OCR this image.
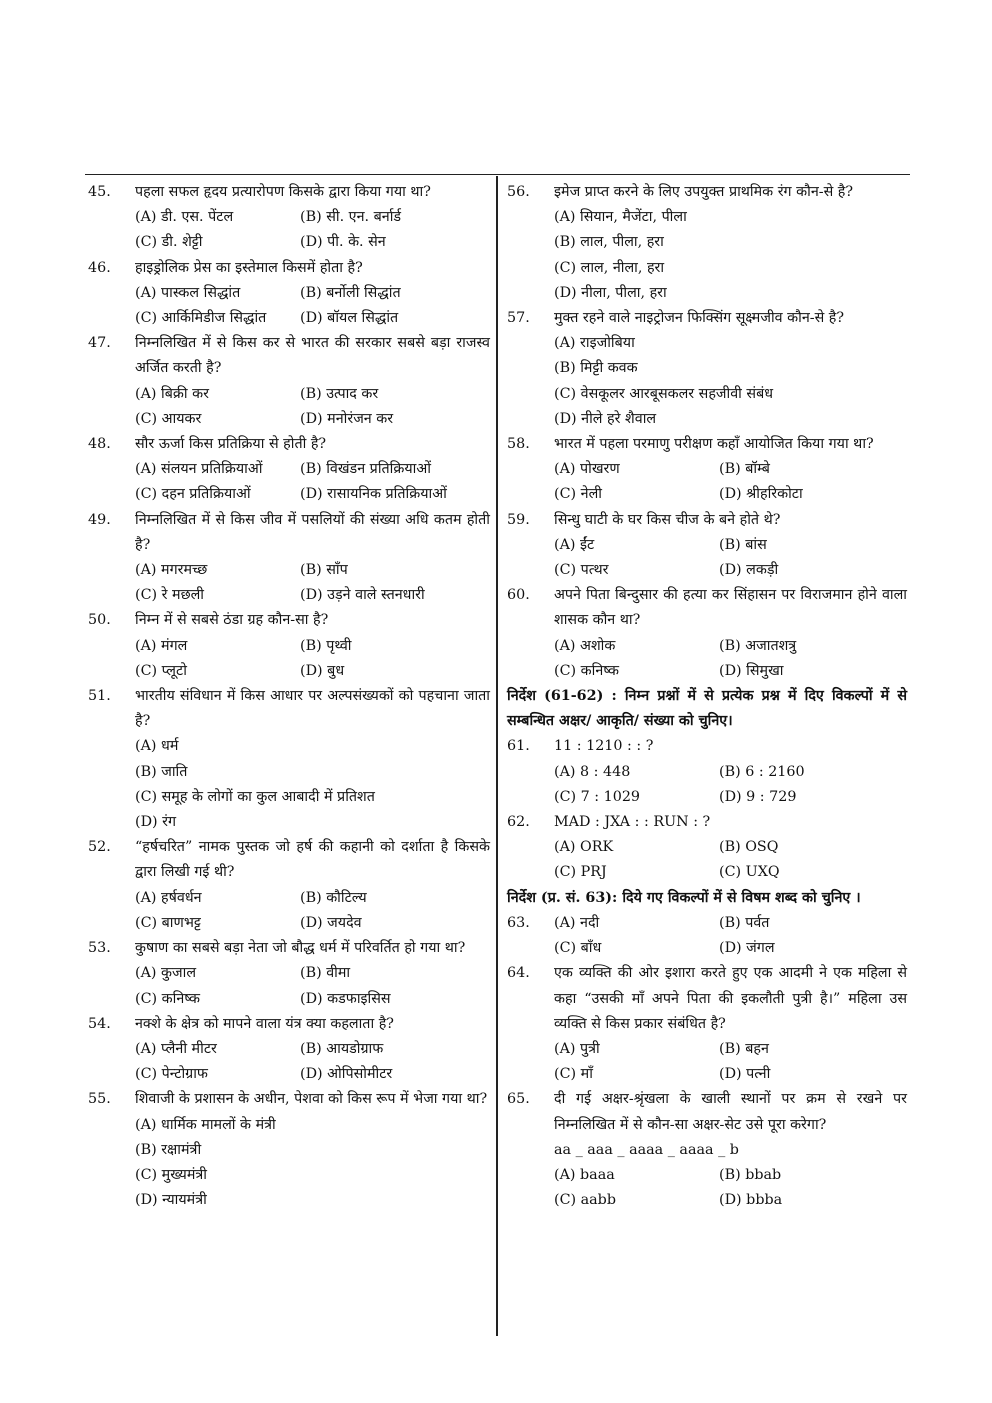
45. पहला सफल हृदय प्रत्यारोपण किसके द्वारा किया गया था?
(A) डी. एस. पेंटल	(B) सी. एन. बर्नार्ड
(C) डी. शेट्टी	(D) पी. के. सेन
46. हाइड्रोलिक प्रेस का इस्तेमाल किसमें होता है?
(A) पास्कल सिद्धांत	(B) बर्नोली सिद्धांत
(C) आर्किमिडीज सिद्धांत	(D) बॉयल सिद्धांत
47. निम्नलिखित में से किस कर से भारत की सरकार सबसे बड़ा राजस्व अर्जित करती है?
(A) बिक्री कर	(B) उत्पाद कर
(C) आयकर	(D) मनोरंजन कर
48. सौर ऊर्जा किस प्रतिक्रिया से होती है?
(A) संलयन प्रतिक्रियाओं	(B) विखंडन प्रतिक्रियाओं
(C) दहन प्रतिक्रियाओं	(D) रासायनिक प्रतिक्रियाओं
49. निम्नलिखित में से किस जीव में पसलियों की संख्या अधि कतम होती है?
(A) मगरमच्छ	(B) साँप
(C) रे मछली	(D) उड़ने वाले स्तनधारी
50. निम्न में से सबसे ठंडा ग्रह कौन-सा है?
(A) मंगल	(B) पृथ्वी
(C) प्लूटो	(D) बुध
51. भारतीय संविधान में किस आधार पर अल्पसंख्यकों को पहचाना जाता है?
(A) धर्म
(B) जाति
(C) समूह के लोगों का कुल आबादी में प्रतिशत
(D) रंग
52. “हर्षचरित” नामक पुस्तक जो हर्ष की कहानी को दर्शाता है किसके द्वारा लिखी गई थी?
(A) हर्षवर्धन	(B) कौटिल्य
(C) बाणभट्ट	(D) जयदेव
53. कुषाण का सबसे बड़ा नेता जो बौद्ध धर्म में परिवर्तित हो गया था?
(A) कुजाल	(B) वीमा
(C) कनिष्क	(D) कडफाइसिस
54. नक्शे के क्षेत्र को मापने वाला यंत्र क्या कहलाता है?
(A) प्लैनी मीटर	(B) आयडोग्राफ
(C) पेन्टोग्राफ	(D) ओपिसोमीटर
55. शिवाजी के प्रशासन के अधीन, पेशवा को किस रूप में भेजा गया था?
(A) धार्मिक मामलों के मंत्री
(B) रक्षामंत्री
(C) मुख्यमंत्री
(D) न्यायमंत्री
56. इमेज प्राप्त करने के लिए उपयुक्त प्राथमिक रंग कौन-से है?
(A) सियान, मैजेंटा, पीला
(B) लाल, पीला, हरा
(C) लाल, नीला, हरा
(D) नीला, पीला, हरा
57. मुक्त रहने वाले नाइट्रोजन फिक्सिंग सूक्ष्मजीव कौन-से है?
(A) राइजोबिया
(B) मिट्टी कवक
(C) वेसकूलर आरबूसकलर सहजीवी संबंध
(D) नीले हरे शैवाल
58. भारत में पहला परमाणु परीक्षण कहाँ आयोजित किया गया था?
(A) पोखरण	(B) बॉम्बे
(C) नेली	(D) श्रीहरिकोटा
59. सिन्धु घाटी के घर किस चीज के बने होते थे?
(A) ईंट	(B) बांस
(C) पत्थर	(D) लकड़ी
60. अपने पिता बिन्दुसार की हत्या कर सिंहासन पर विराजमान होने वाला शासक कौन था?
(A) अशोक	(B) अजातशत्रु
(C) कनिष्क	(D) सिमुखा
निर्देश (61-62) : निम्न प्रश्नों में से प्रत्येक प्रश्न में दिए विकल्पों में से सम्बन्धित अक्षर/ आकृति/ संख्या को चुनिए।
61. 11 : 1210 : : ?
(A) 8 : 448	(B) 6 : 2160
(C) 7 : 1029	(D) 9 : 729
62. MAD : JXA : : RUN : ?
(A) ORK	(B) OSQ
(C) PRJ	(C) UXQ
निर्देश (प्र. सं. 63): दिये गए विकल्पों में से विषम शब्द को चुनिए ।
63. (A) नदी	(B) पर्वत
(C) बाँध	(D) जंगल
64. एक व्यक्ति की ओर इशारा करते हुए एक आदमी ने एक महिला से कहा “उसकी माँ अपने पिता की इकलौती पुत्री है।” महिला उस व्यक्ति से किस प्रकार संबंधित है?
(A) पुत्री	(B) बहन
(C) माँ	(D) पत्नी
65. दी गई अक्षर-श्रृंखला के खाली स्थानों पर क्रम से रखने पर निम्नलिखित में से कौन-सा अक्षर-सेट उसे पूरा करेगा?
aa _ aaa _ aaaa _ aaaa _ b
(A) baaa	(B) bbab
(C) aabb	(D) bbba
